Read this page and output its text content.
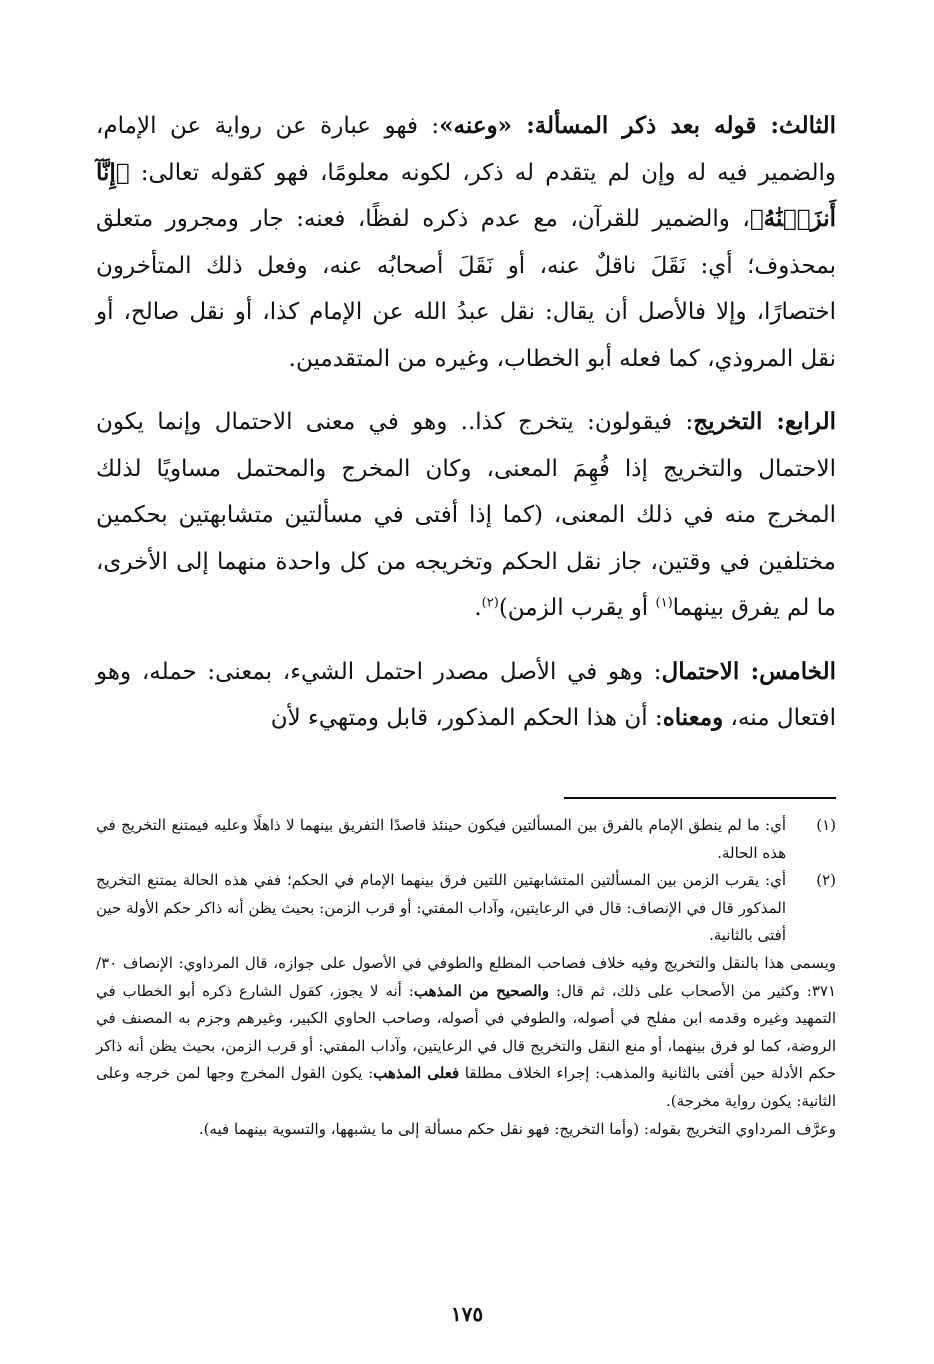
الثالث: قوله بعد ذكر المسألة: «وعنه»: فهو عبارة عن رواية عن الإمام، والضمير فيه له وإن لم يتقدم له ذكر، لكونه معلومًا، فهو كقوله تعالى: ﴿إِنَّآ أَنزَلۡنَٰهُ﴾، والضمير للقرآن، مع عدم ذكره لفظًا، فعنه: جار ومجرور متعلق بمحذوف؛ أي: نَقَلَ ناقلٌ عنه، أو نَقَلَ أصحابُه عنه، وفعل ذلك المتأخرون اختصارًا، وإلا فالأصل أن يقال: نقل عبدُ الله عن الإمام كذا، أو نقل صالح، أو نقل المروذي، كما فعله أبو الخطاب، وغيره من المتقدمين.

الرابع: التخريج: فيقولون: يتخرج كذا.. وهو في معنى الاحتمال وإنما يكون الاحتمال والتخريج إذا فُهِمَ المعنى، وكان المخرج والمحتمل مساويًا لذلك المخرج منه في ذلك المعنى، (كما إذا أفتى في مسألتين متشابهتين بحكمين مختلفين في وقتين، جاز نقل الحكم وتخريجه من كل واحدة منهما إلى الأخرى، ما لم يفرق بينهما$^{(١)}$ أو يقرب الزمن)$^{(٢)}$.

الخامس: الاحتمال: وهو في الأصل مصدر احتمل الشيء، بمعنى: حمله، وهو افتعال منه، ومعناه: أن هذا الحكم المذكور، قابل ومتهيء لأن

(١)
أي: ما لم ينطق الإمام بالفرق بين المسألتين فيكون حينئذ قاصدًا التفريق بينهما لا ذاهلًا وعليه فيمتنع التخريج في هذه الحالة.
(٢)
أي: يقرب الزمن بين المسألتين المتشابهتين اللتين فرق بينهما الإمام في الحكم؛ ففي هذه الحالة يمتنع التخريج المذكور قال في الإنصاف: قال في الرعايتين، وآداب المفتي: أو قرب الزمن: بحيث يظن أنه ذاكر حكم الأولة حين أفتى بالثانية.

ويسمى هذا بالنقل والتخريج وفيه خلاف فصاحب المطلع والطوفي في الأصول على جوازه، قال المرداوي: الإنصاف ٣٠/ ٣٧١: وكثير من الأصحاب على ذلك، ثم قال: والصحيح من المذهب: أنه لا يجوز، كقول الشارع ذكره أبو الخطاب في التمهيد وغيره وقدمه ابن مفلح في أصوله، والطوفي في أصوله، وصاحب الحاوي الكبير، وغيرهم وجزم به المصنف في الروضة، كما لو فرق بينهما، أو منع النقل والتخريج قال في الرعايتين، وآداب المفتي: أو قرب الزمن، بحيث يظن أنه ذاكر حكم الأدلة حين أفتى بالثانية والمذهب: إجراء الخلاف مطلقا فعلى المذهب: يكون القول المخرج وجها لمن خرجه وعلى الثانية: يكون رواية مخرجة).

وعرَّف المرداوي التخريج بقوله: (وأما التخريج: فهو نقل حكم مسألة إلى ما يشبهها، والتسوية بينهما فيه).

١٧٥
